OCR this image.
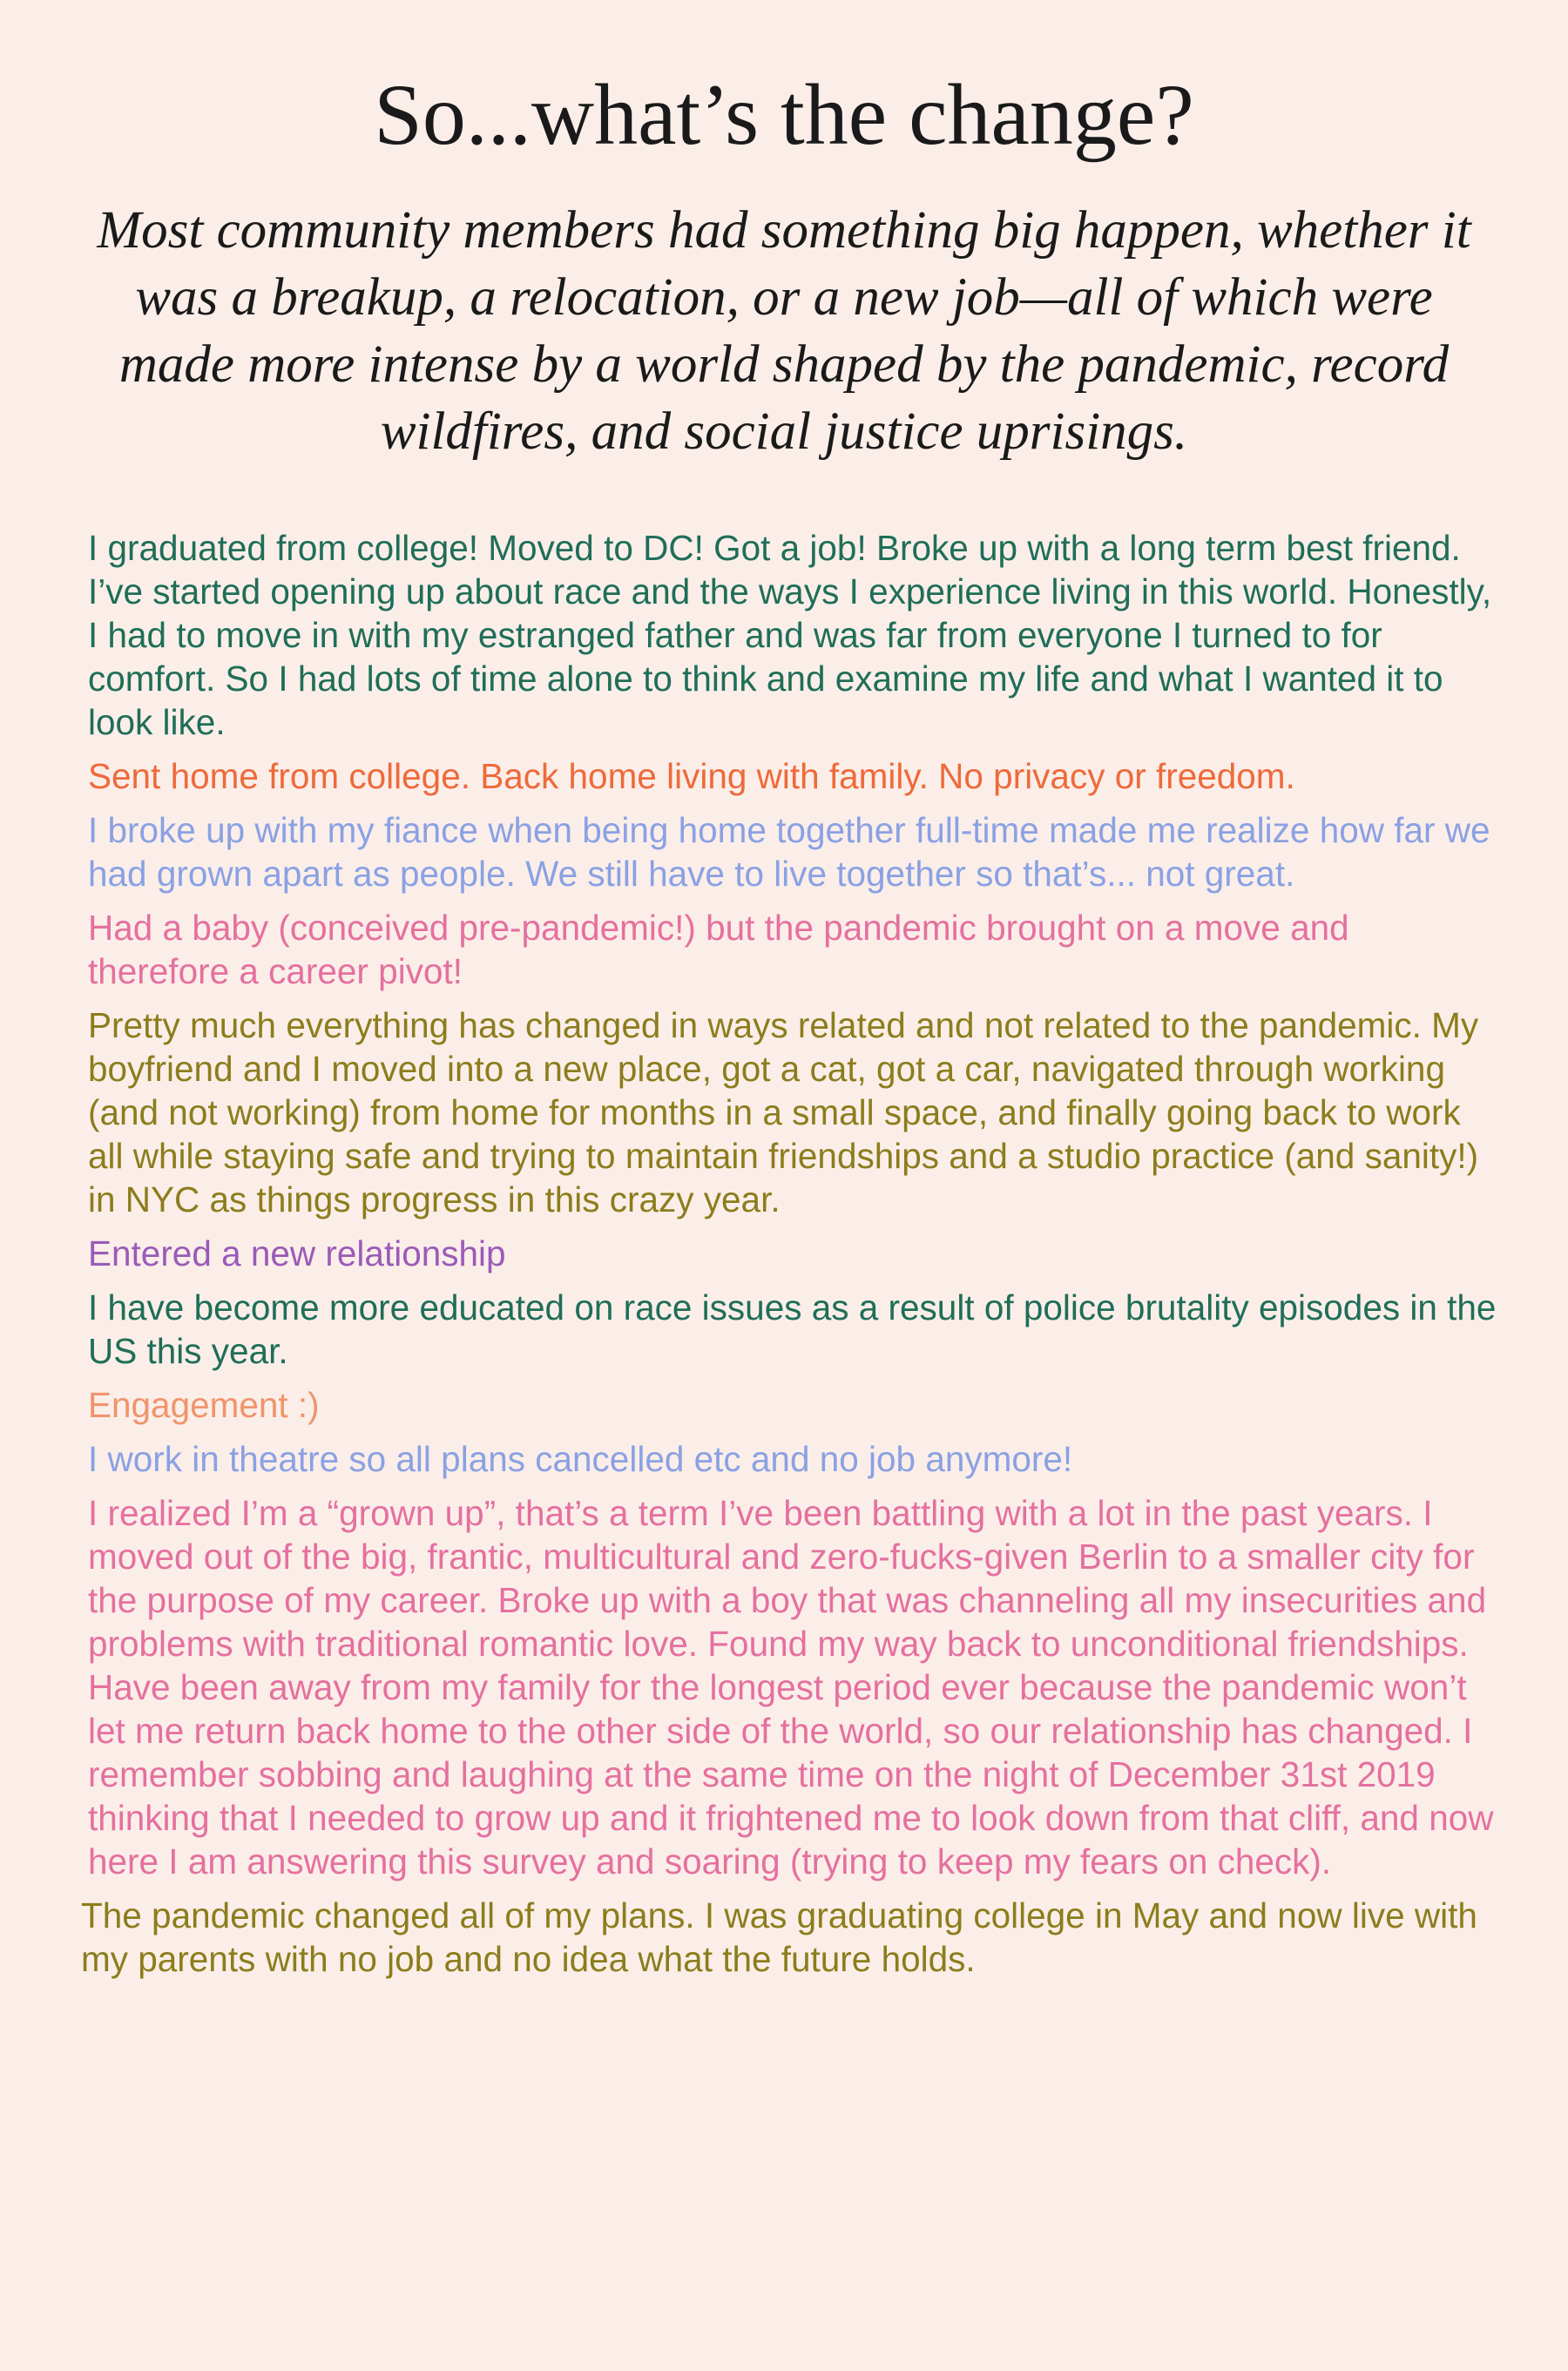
So...what’s the change?

Most community members had something big happen, whether it was a breakup, a relocation, or a new job—all of which were made more intense by a world shaped by the pandemic, record wildfires, and social justice uprisings.

I graduated from college! Moved to DC! Got a job! Broke up with a long term best friend. I’ve started opening up about race and the ways I experience living in this world. Honestly, I had to move in with my estranged father and was far from everyone I turned to for comfort. So I had lots of time alone to think and examine my life and what I wanted it to look like.

Sent home from college. Back home living with family. No privacy or freedom.

I broke up with my fiance when being home together full-time made me realize how far we had grown apart as people. We still have to live together so that’s... not great.

Had a baby (conceived pre-pandemic!) but the pandemic brought on a move and therefore a career pivot!

Pretty much everything has changed in ways related and not related to the pandemic. My boyfriend and I moved into a new place, got a cat, got a car, navigated through working (and not working) from home for months in a small space, and finally going back to work all while staying safe and trying to maintain friendships and a studio practice (and sanity!) in NYC as things progress in this crazy year.

Entered a new relationship

I have become more educated on race issues as a result of police brutality episodes in the US this year.

Engagement :)

I work in theatre so all plans cancelled etc and no job anymore!

I realized I’m a “grown up”, that’s a term I’ve been battling with a lot in the past years. I moved out of the big, frantic, multicultural and zero-fucks-given Berlin to a smaller city for the purpose of my career. Broke up with a boy that was channeling all my insecurities and problems with traditional romantic love. Found my way back to unconditional friendships. Have been away from my family for the longest period ever because the pandemic won’t let me return back home to the other side of the world, so our relationship has changed. I remember sobbing and laughing at the same time on the night of December 31st 2019 thinking that I needed to grow up and it frightened me to look down from that cliff, and now here I am answering this survey and soaring (trying to keep my fears on check).

The pandemic changed all of my plans. I was graduating college in May and now live with my parents with no job and no idea what the future holds.
